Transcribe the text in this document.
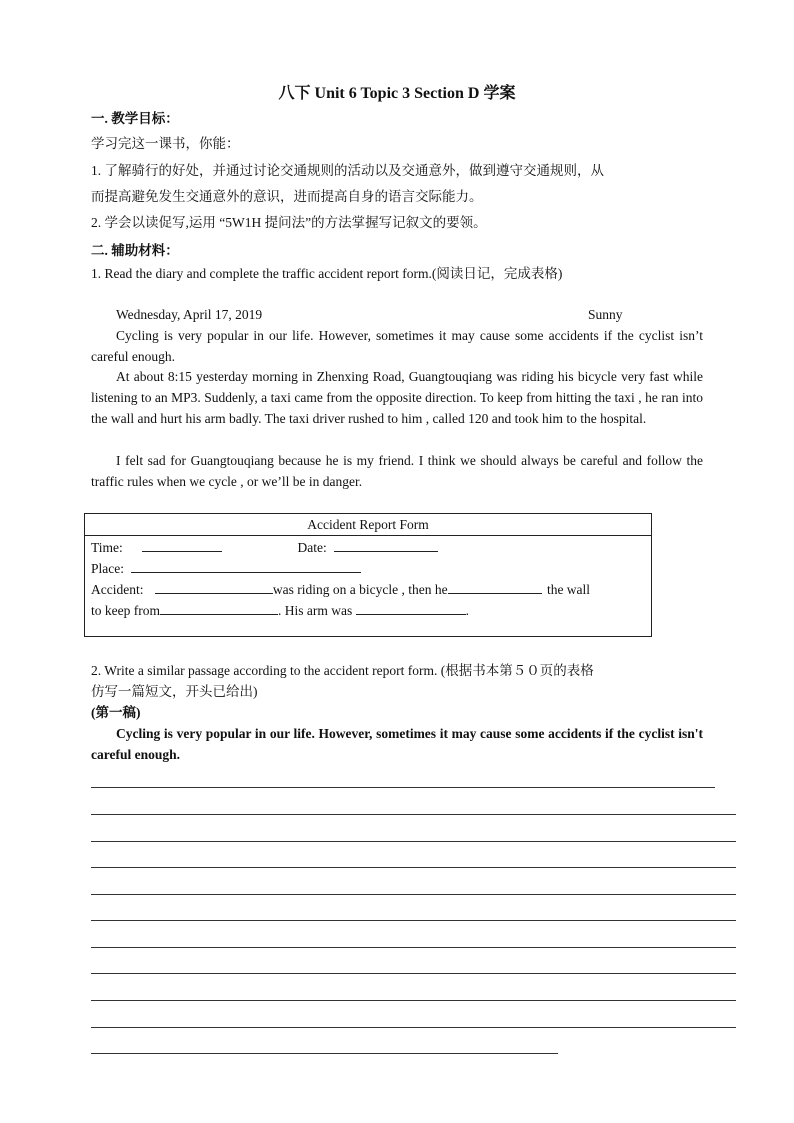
八下 Unit 6 Topic 3 Section D 学案
一. 教学目标：
学习完这一课书，你能：
1. 了解骑行的好处，并通过讨论交通规则的活动以及交通意外，做到遵守交通规则，从
而提高避免发生交通意外的意识，进而提高自身的语言交际能力。
2. 学会以读促写,运用 “5W1H 提问法”的方法掌握写记叙文的要领。
二. 辅助材料：
1. Read the diary and complete the traffic accident report form.(阅读日记，完成表格)
Wednesday, April 17, 2019	Sunny
Cycling is very popular in our life. However, sometimes it may cause some accidents if the cyclist isn’t careful enough.
At about 8:15 yesterday morning in Zhenxing Road, Guangtouqiang was riding his bicycle very fast while listening to an MP3. Suddenly, a taxi came from the opposite direction. To keep from hitting the taxi , he ran into the wall and hurt his arm badly. The taxi driver rushed to him , called 120 and took him to the hospital.
I felt sad for Guangtouqiang because he is my friend. I think we should always be careful and follow the traffic rules when we cycle , or we’ll be in danger.
Accident Report Form
Time:	Date:
Place:
Accident:	was riding on a bicycle , then he	the wall
to keep from	. His arm was	.
2. Write a similar passage according to the accident report form. (根据书本第５０页的表格
仿写一篇短文，开头已给出)
(第一稿)
Cycling is very popular in our life. However, sometimes it may cause some accidents if the cyclist isn't careful enough.
